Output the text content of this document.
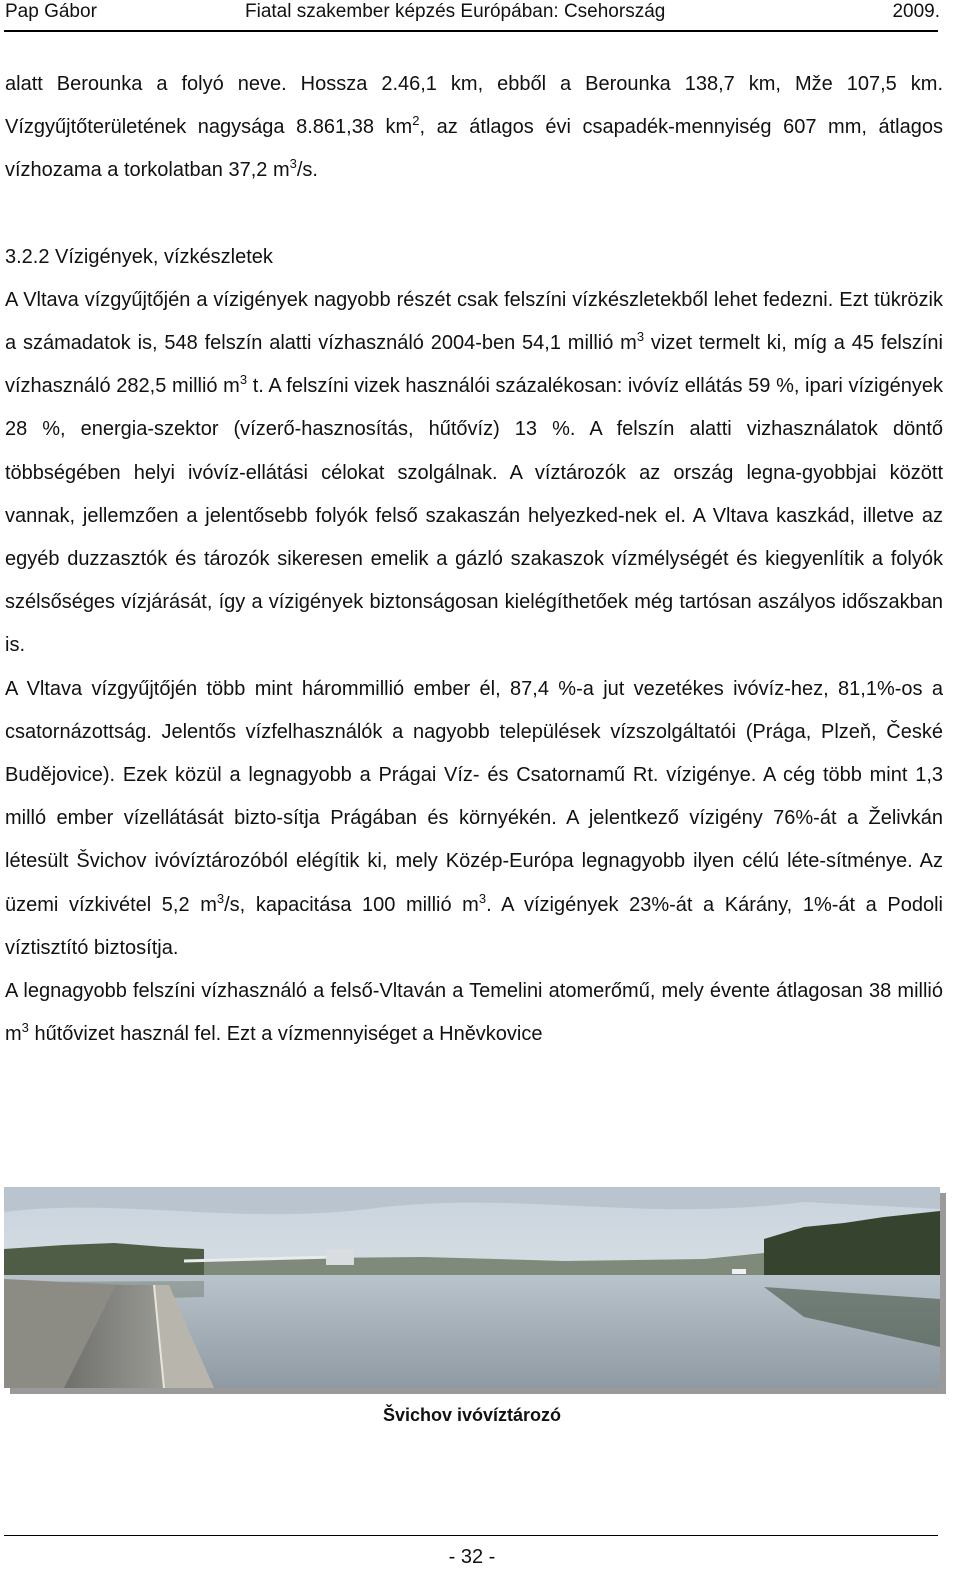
Pap Gábor	Fiatal szakember képzés Európában: Csehország	2009.

alatt Berounka a folyó neve. Hossza 2.46,1 km, ebből a Berounka 138,7 km, Mže 107,5 km. Vízgyűjtőterületének nagysága 8.861,38 $km^2$, az átlagos évi csapadék-mennyiség 607 mm, átlagos vízhozama a torkolatban 37,2 $m^3/s$.

3.2.2 Vízigények, vízkészletek

A Vltava vízgyűjtőjén a vízigények nagyobb részét csak felszíni vízkészletekből lehet fedezni. Ezt tükrözik a számadatok is, 548 felszín alatti vízhasználó 2004-ben 54,1 millió $m^3$ vizet termelt ki, míg a 45 felszíni vízhasználó 282,5 millió $m^3$ t. A felszíni vizek használói százalékosan: ivóvíz ellátás 59 %, ipari vízigények 28 %, energia-szektor (vízerő-hasznosítás, hűtővíz) 13 %. A felszín alatti vizhasználatok döntő többségében helyi ivóvíz-ellátási célokat szolgálnak. A víztározók az ország legna-gyobbjai között vannak, jellemzően a jelentősebb folyók felső szakaszán helyezked-nek el. A Vltava kaszkád, illetve az egyéb duzzasztók és tározók sikeresen emelik a gázló szakaszok vízmélységét és kiegyenlítik a folyók szélsőséges vízjárását, így a vízigények biztonságosan kielégíthetőek még tartósan aszályos időszakban is.

A Vltava vízgyűjtőjén több mint hárommillió ember él, 87,4 %-a jut vezetékes ivóvíz-hez, 81,1%-os a csatornázottság. Jelentős vízfelhasználók a nagyobb települések vízszolgáltatói (Prága, Plzeň, České Budějovice). Ezek közül a legnagyobb a Prágai Víz- és Csatornamű Rt. vízigénye. A cég több mint 1,3 milló ember vízellátását bizto-sítja Prágában és környékén. A jelentkező vízigény 76%-át a Želivkán létesült Švichov ivóvíztározóból elégítik ki, mely Közép-Európa legnagyobb ilyen célú léte-sítménye. Az üzemi vízkivétel 5,2 $m^3/s$, kapacitása 100 millió $m^3$. A vízigények 23%-át a Kárány, 1%-át a Podoli víztisztító biztosítja.

A legnagyobb felszíni vízhasználó a felső-Vltaván a Temelini atomerőmű, mely évente átlagosan 38 millió $m^3$ hűtővizet használ fel. Ezt a vízmennyiséget a Hněvkovice

Švichov ivóvíztározó
- 32 -
